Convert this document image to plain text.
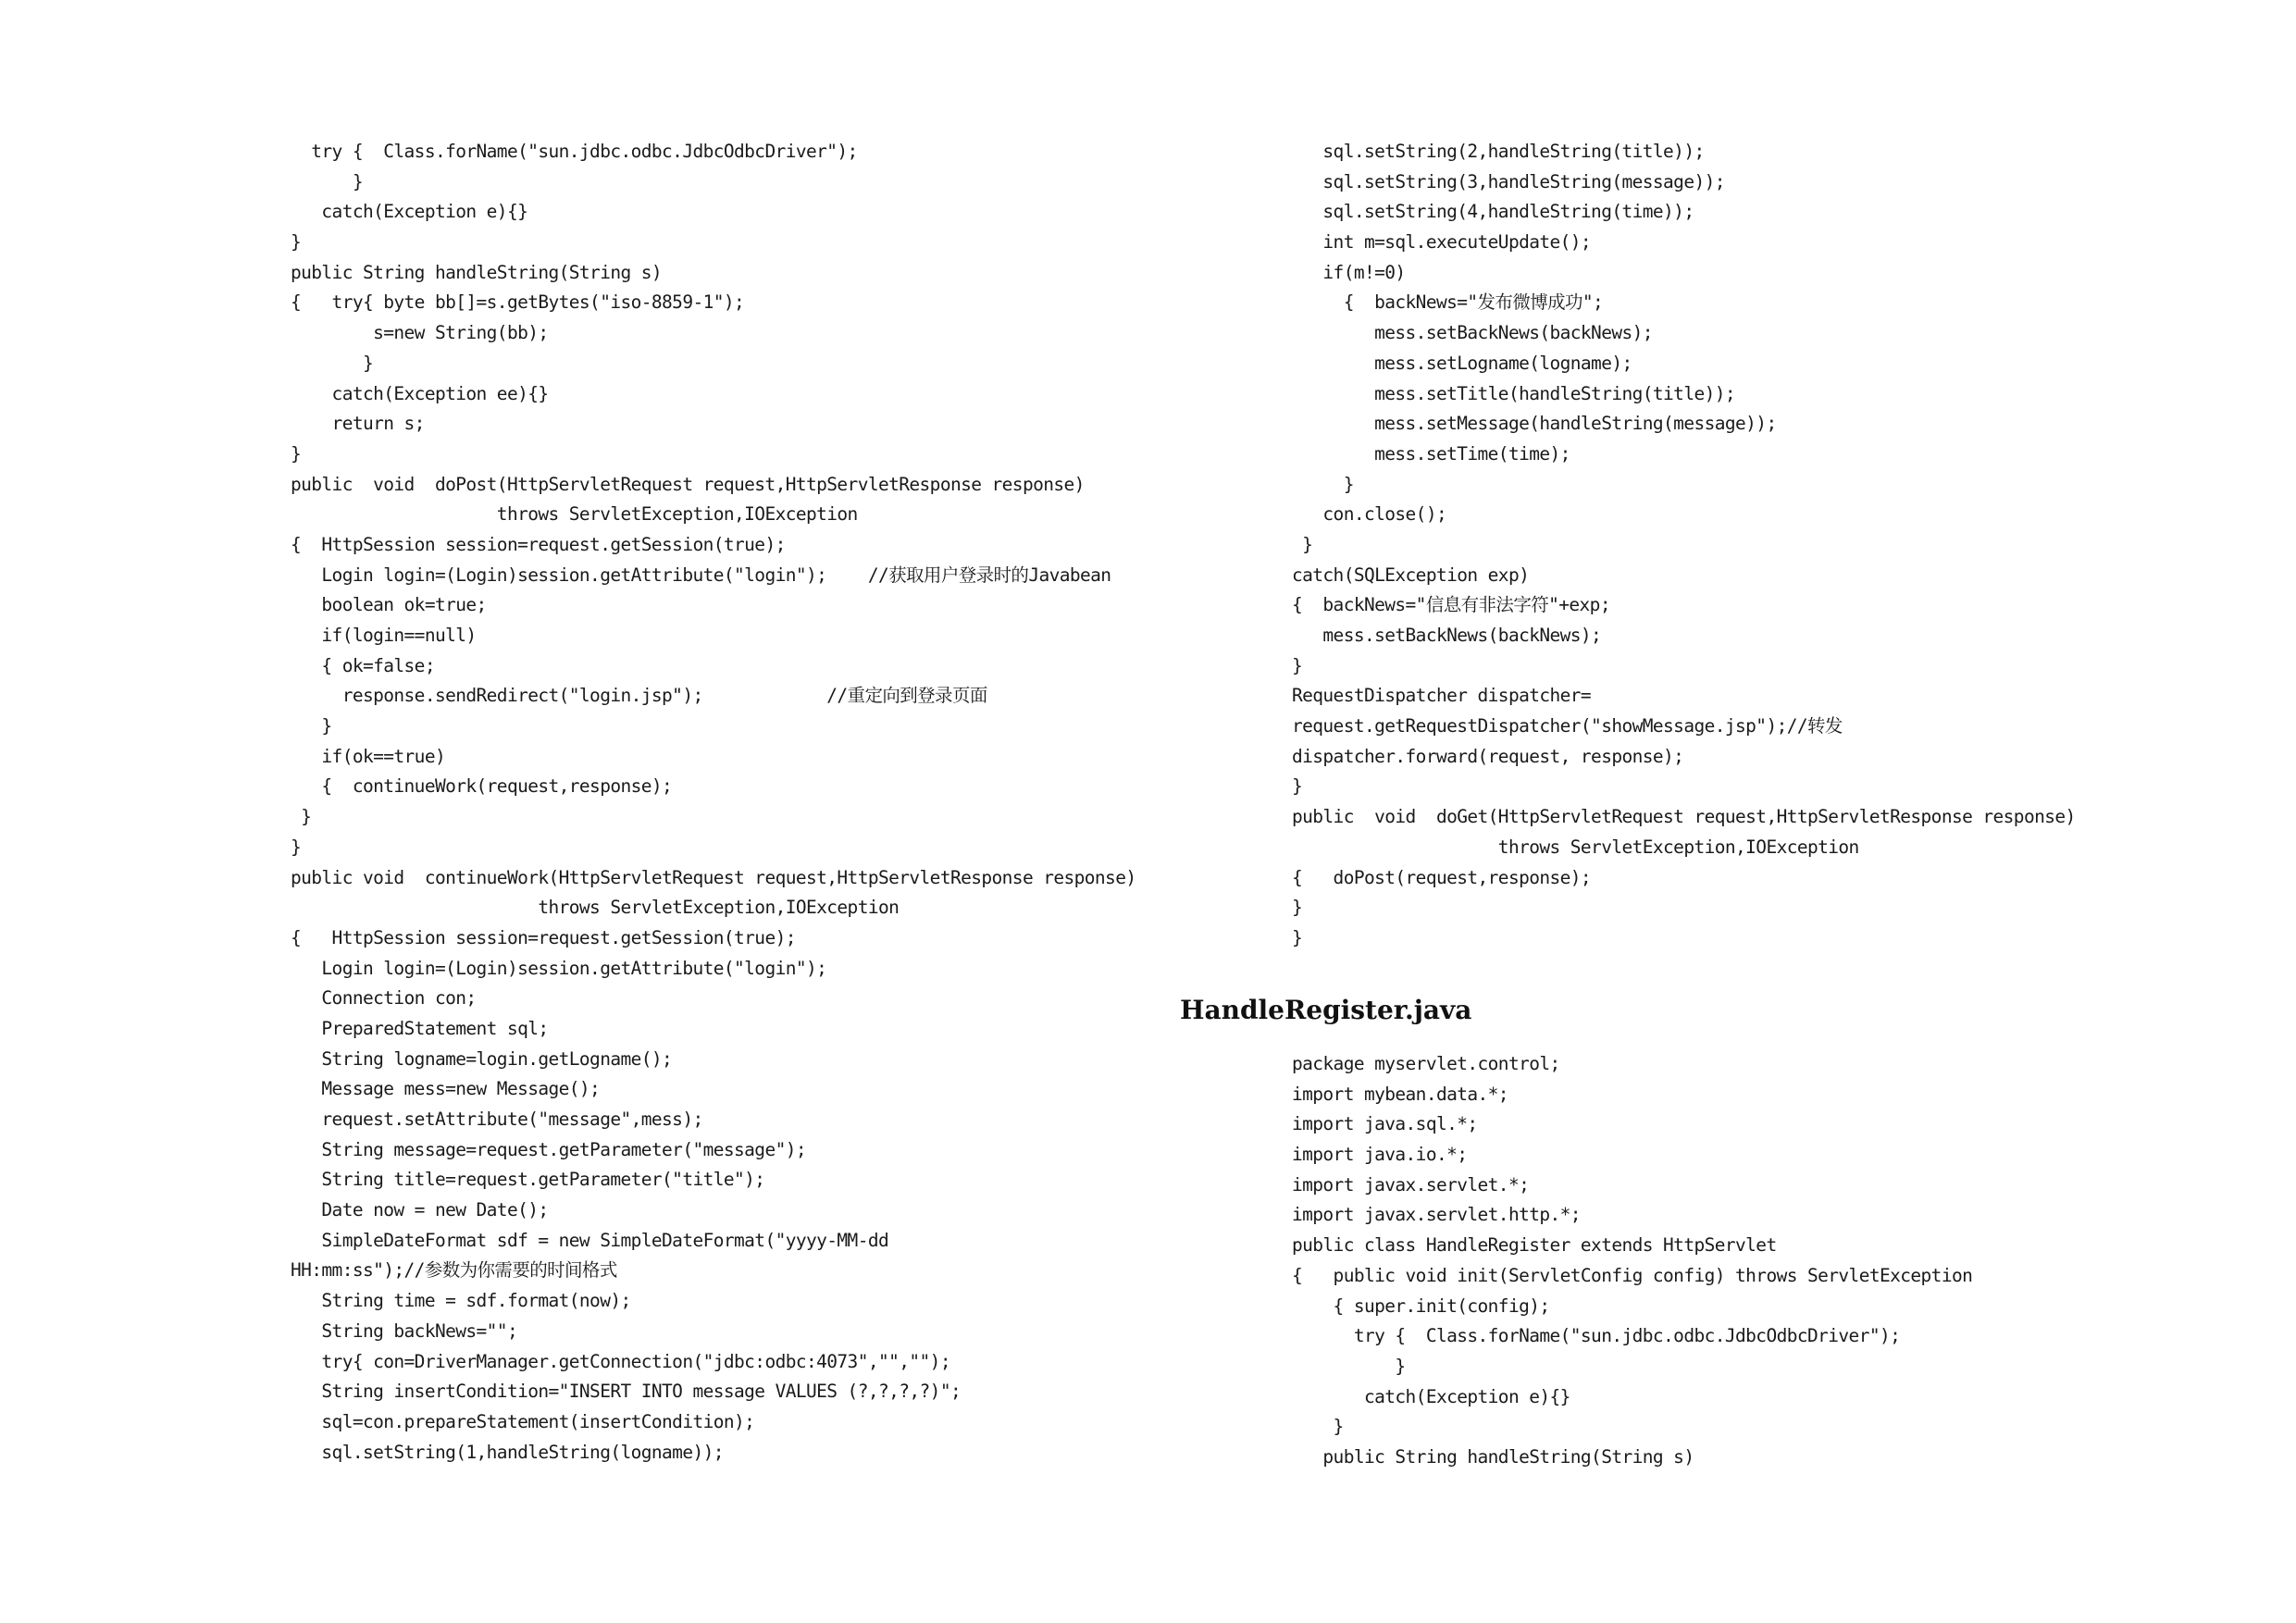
try {  Class.forName("sun.jdbc.odbc.JdbcOdbcDriver");
}
catch(Exception e){}
}
public String handleString(String s)
{   try{ byte bb[]=s.getBytes("iso-8859-1");
s=new String(bb);
}
catch(Exception ee){}
return s;
}
public  void  doPost(HttpServletRequest request,HttpServletResponse response)
throws ServletException,IOException
{  HttpSession session=request.getSession(true);
Login login=(Login)session.getAttribute("login");    //获取用户登录时的Javabean
boolean ok=true;
if(login==null)
{ ok=false;
response.sendRedirect("login.jsp");            //重定向到登录页面
}
if(ok==true)
{  continueWork(request,response);
}
}
public void  continueWork(HttpServletRequest request,HttpServletResponse response)
throws ServletException,IOException
{   HttpSession session=request.getSession(true);
Login login=(Login)session.getAttribute("login");
Connection con;
PreparedStatement sql;
String logname=login.getLogname();
Message mess=new Message();
request.setAttribute("message",mess);
String message=request.getParameter("message");
String title=request.getParameter("title");
Date now = new Date();
SimpleDateFormat sdf = new SimpleDateFormat("yyyy-MM-dd
HH:mm:ss");//参数为你需要的时间格式
String time = sdf.format(now);
String backNews="";
try{ con=DriverManager.getConnection("jdbc:odbc:4073","","");
String insertCondition="INSERT INTO message VALUES (?,?,?,?)";
sql=con.prepareStatement(insertCondition);
sql.setString(1,handleString(logname));
sql.setString(2,handleString(title));
sql.setString(3,handleString(message));
sql.setString(4,handleString(time));
int m=sql.executeUpdate();
if(m!=0)
{  backNews="发布微博成功";
mess.setBackNews(backNews);
mess.setLogname(logname);
mess.setTitle(handleString(title));
mess.setMessage(handleString(message));
mess.setTime(time);
}
con.close();
}
catch(SQLException exp)
{  backNews="信息有非法字符"+exp;
mess.setBackNews(backNews);
}
RequestDispatcher dispatcher=
request.getRequestDispatcher("showMessage.jsp");//转发
dispatcher.forward(request, response);
}
public  void  doGet(HttpServletRequest request,HttpServletResponse response)
throws ServletException,IOException
{   doPost(request,response);
}
}
HandleRegister.java
package myservlet.control;
import mybean.data.*;
import java.sql.*;
import java.io.*;
import javax.servlet.*;
import javax.servlet.http.*;
public class HandleRegister extends HttpServlet
{   public void init(ServletConfig config) throws ServletException
{ super.init(config);
try {  Class.forName("sun.jdbc.odbc.JdbcOdbcDriver");
}
catch(Exception e){}
}
public String handleString(String s)
